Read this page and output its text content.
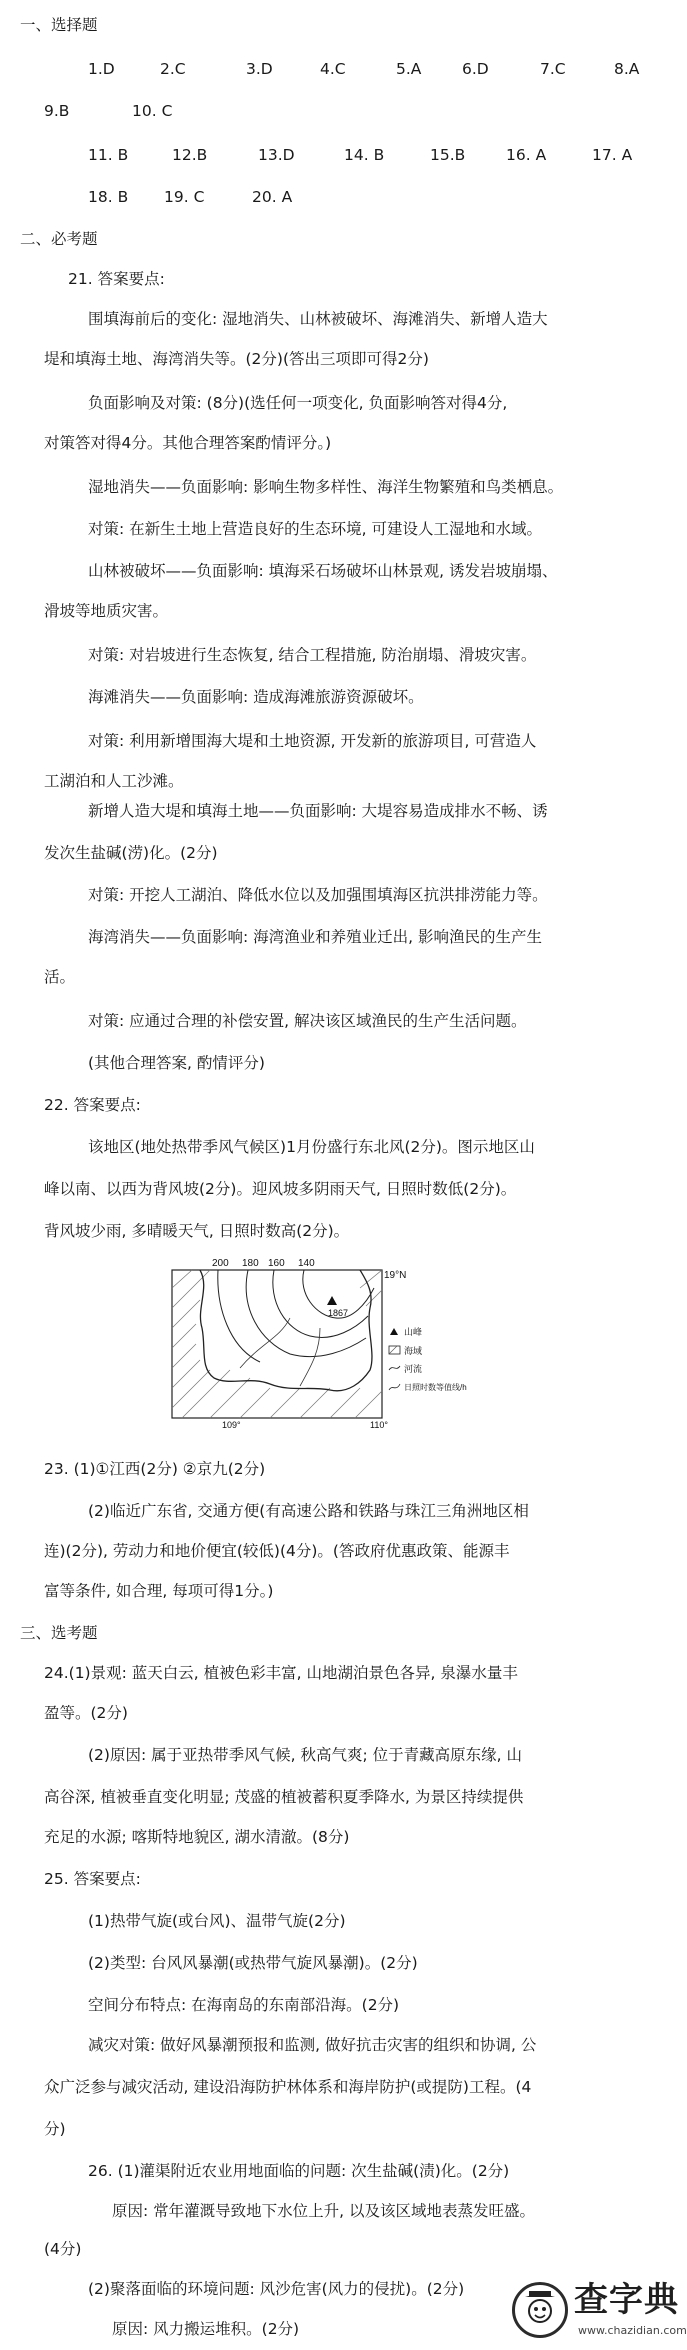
一、选择题
1.D	2.C	3.D	4.C	5.A	6.D	7.C	8.A
9.B	10. C
11. B	12.B	13.D	14. B	15.B	16. A	17. A
18. B 19. C	20. A
二、必考题
21. 答案要点:
围填海前后的变化: 湿地消失、山林被破坏、海滩消失、新增人造大
堤和填海土地、海湾消失等。(2分)(答出三项即可得2分)
负面影响及对策: (8分)(选任何一项变化, 负面影响答对得4分,
对策答对得4分。其他合理答案酌情评分。)
湿地消失——负面影响: 影响生物多样性、海洋生物繁殖和鸟类栖息。
对策: 在新生土地上营造良好的生态环境, 可建设人工湿地和水域。
山林被破坏——负面影响: 填海采石场破坏山林景观, 诱发岩坡崩塌、
滑坡等地质灾害。
对策: 对岩坡进行生态恢复, 结合工程措施, 防治崩塌、滑坡灾害。
海滩消失——负面影响: 造成海滩旅游资源破坏。
对策: 利用新增围海大堤和土地资源, 开发新的旅游项目, 可营造人
工湖泊和人工沙滩。
新增人造大堤和填海土地——负面影响: 大堤容易造成排水不畅、诱
发次生盐碱(涝)化。(2分)
对策: 开挖人工湖泊、降低水位以及加强围填海区抗洪排涝能力等。
海湾消失——负面影响: 海湾渔业和养殖业迁出, 影响渔民的生产生
活。
对策: 应通过合理的补偿安置, 解决该区域渔民的生产生活问题。
(其他合理答案, 酌情评分)
22. 答案要点:
该地区(地处热带季风气候区)1月份盛行东北风(2分)。图示地区山
峰以南、以西为背风坡(2分)。迎风坡多阴雨天气, 日照时数低(2分)。
背风坡少雨, 多晴暖天气, 日照时数高(2分)。
1867
200 180 160 140
19°N
109°	110°
山峰
海域
河流
日照时数等值线/h
23. (1)①江西(2分) ②京九(2分)
(2)临近广东省, 交通方便(有高速公路和铁路与珠江三角洲地区相
连)(2分), 劳动力和地价便宜(较低)(4分)。(答政府优惠政策、能源丰
富等条件, 如合理, 每项可得1分。)
三、选考题
24.(1)景观: 蓝天白云, 植被色彩丰富, 山地湖泊景色各异, 泉瀑水量丰
盈等。(2分)
(2)原因: 属于亚热带季风气候, 秋高气爽; 位于青藏高原东缘, 山
高谷深, 植被垂直变化明显; 茂盛的植被蓄积夏季降水, 为景区持续提供
充足的水源; 喀斯特地貌区, 湖水清澈。(8分)
25. 答案要点:
(1)热带气旋(或台风)、温带气旋(2分)
(2)类型: 台风风暴潮(或热带气旋风暴潮)。(2分)
空间分布特点: 在海南岛的东南部沿海。(2分)
减灾对策: 做好风暴潮预报和监测, 做好抗击灾害的组织和协调, 公
众广泛参与减灾活动, 建设沿海防护林体系和海岸防护(或提防)工程。(4
分)
26. (1)灌渠附近农业用地面临的问题: 次生盐碱(渍)化。(2分)
原因: 常年灌溉导致地下水位上升, 以及该区域地表蒸发旺盛。
(4分)
(2)聚落面临的环境问题: 风沙危害(风力的侵扰)。(2分)
原因: 风力搬运堆积。(2分)
查字典
www.chazidian.com
